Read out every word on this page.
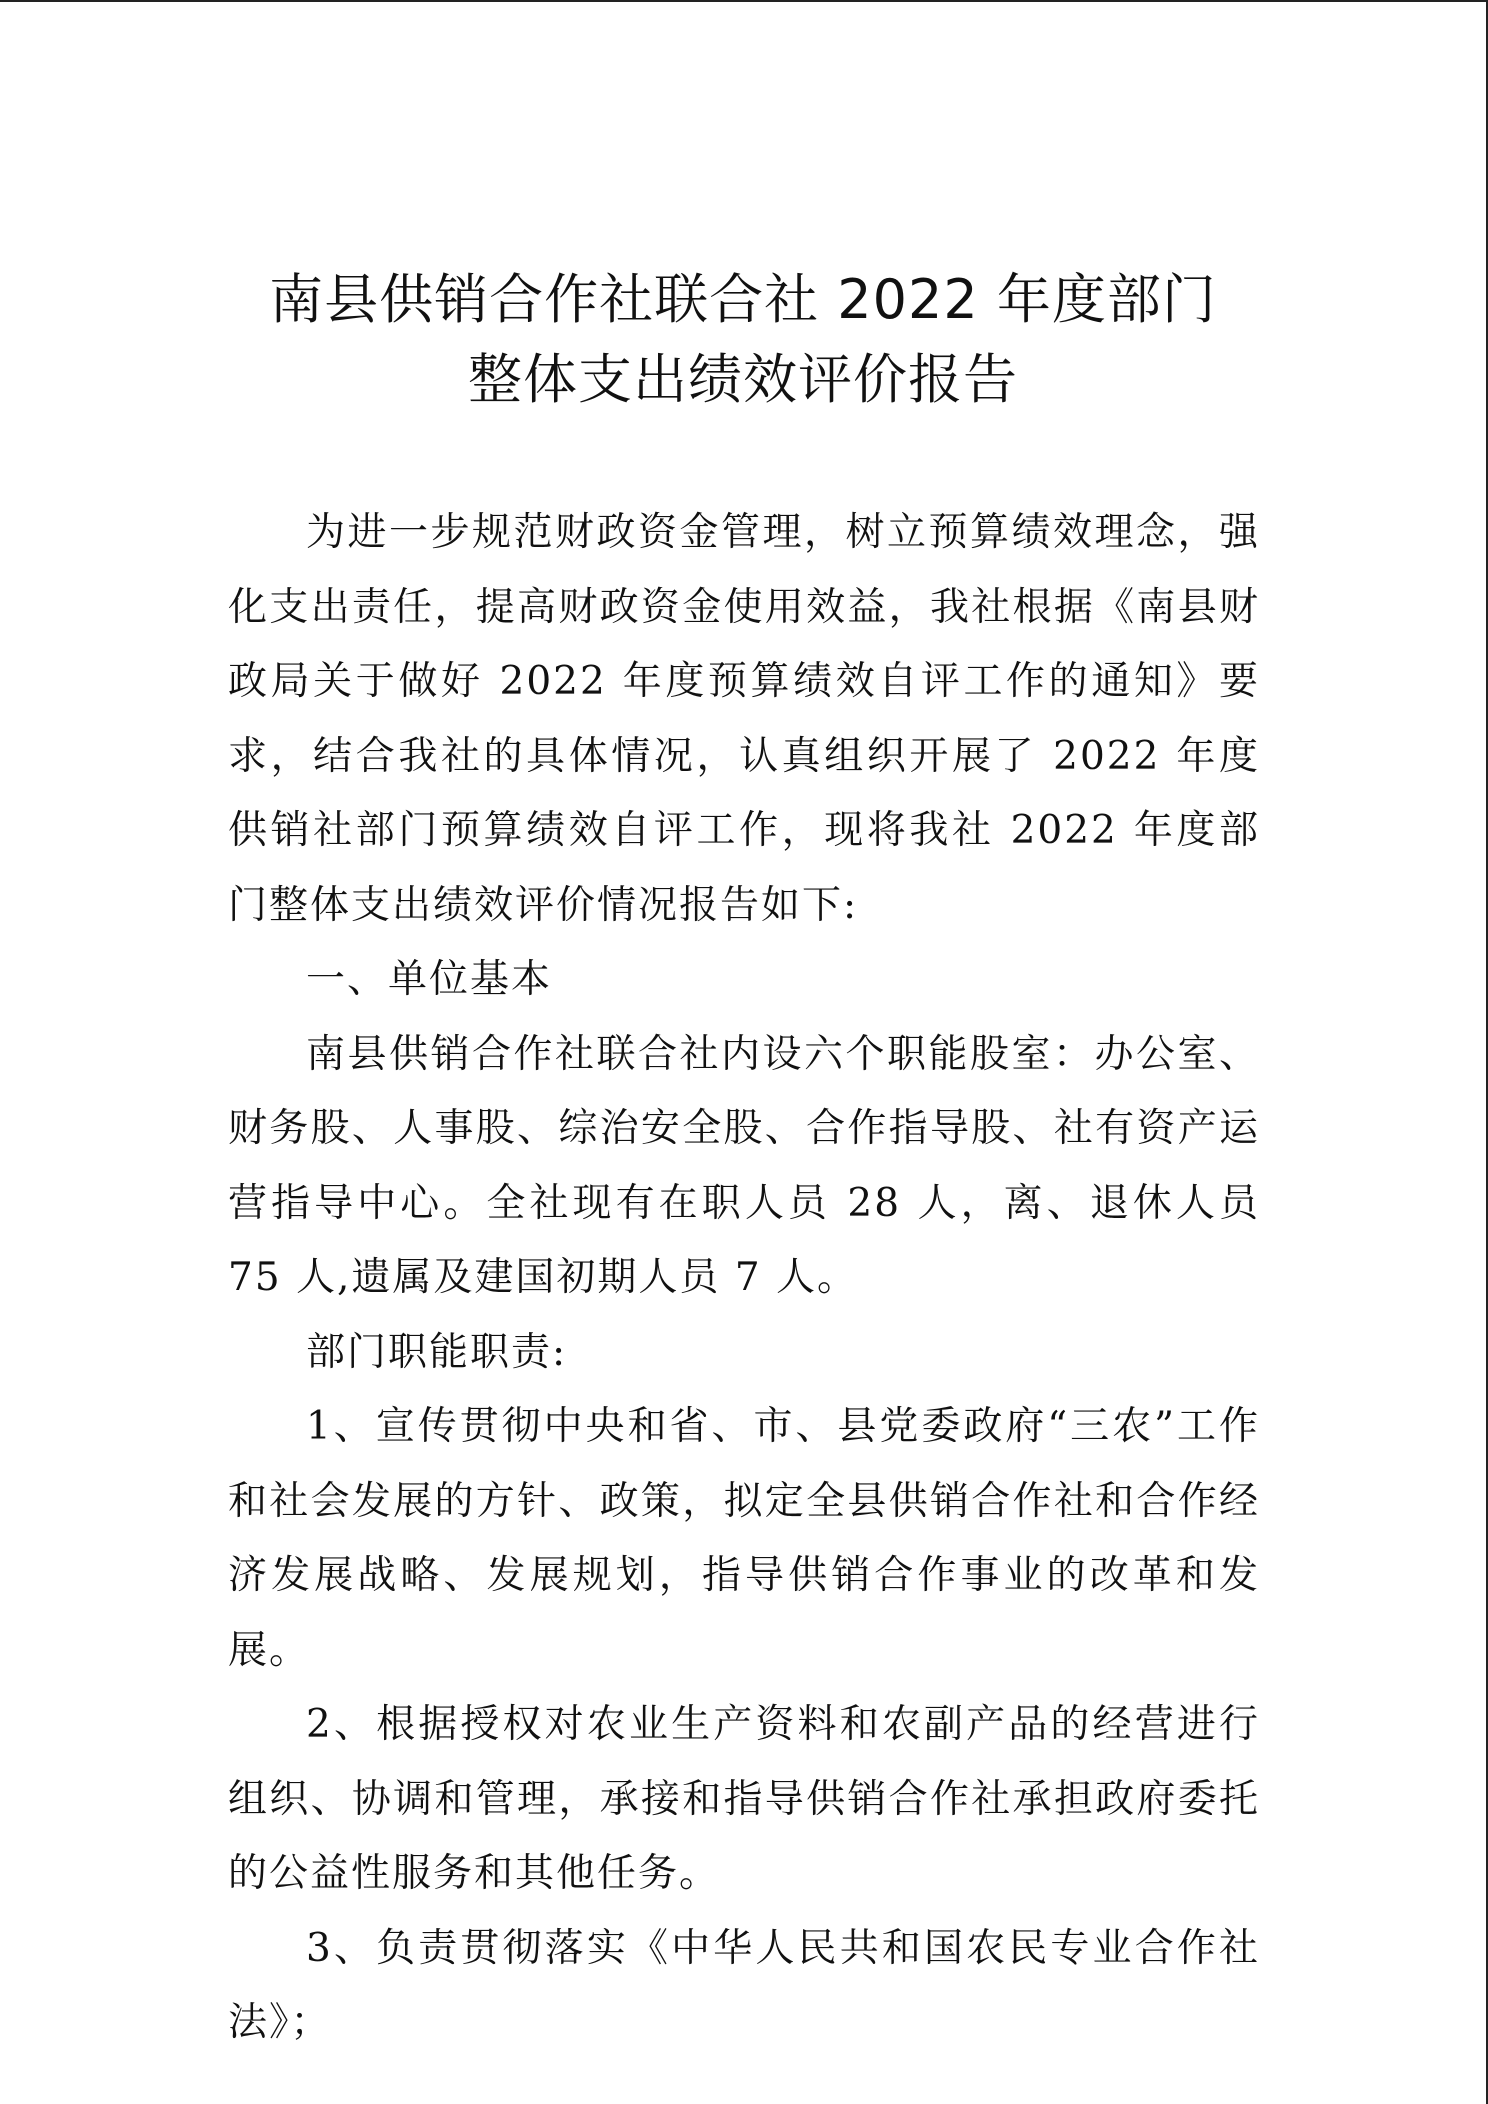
南县供销合作社联合社 2022 年度部门
整体支出绩效评价报告

为进一步规范财政资金管理，树立预算绩效理念，强化支出责任，提高财政资金使用效益，我社根据《南县财政局关于做好 2022 年度预算绩效自评工作的通知》要求，结合我社的具体情况，认真组织开展了 2022 年度供销社部门预算绩效自评工作，现将我社 2022 年度部门整体支出绩效评价情况报告如下:

一、单位基本

南县供销合作社联合社内设六个职能股室：办公室、财务股、人事股、综治安全股、合作指导股、社有资产运营指导中心。全社现有在职人员 28 人，离、退休人员 75 人,遗属及建国初期人员 7 人。

部门职能职责:

1、宣传贯彻中央和省、市、县党委政府“三农”工作和社会发展的方针、政策，拟定全县供销合作社和合作经济发展战略、发展规划，指导供销合作事业的改革和发展。

2、根据授权对农业生产资料和农副产品的经营进行组织、协调和管理，承接和指导供销合作社承担政府委托的公益性服务和其他任务。

3、负责贯彻落实《中华人民共和国农民专业合作社法》；
